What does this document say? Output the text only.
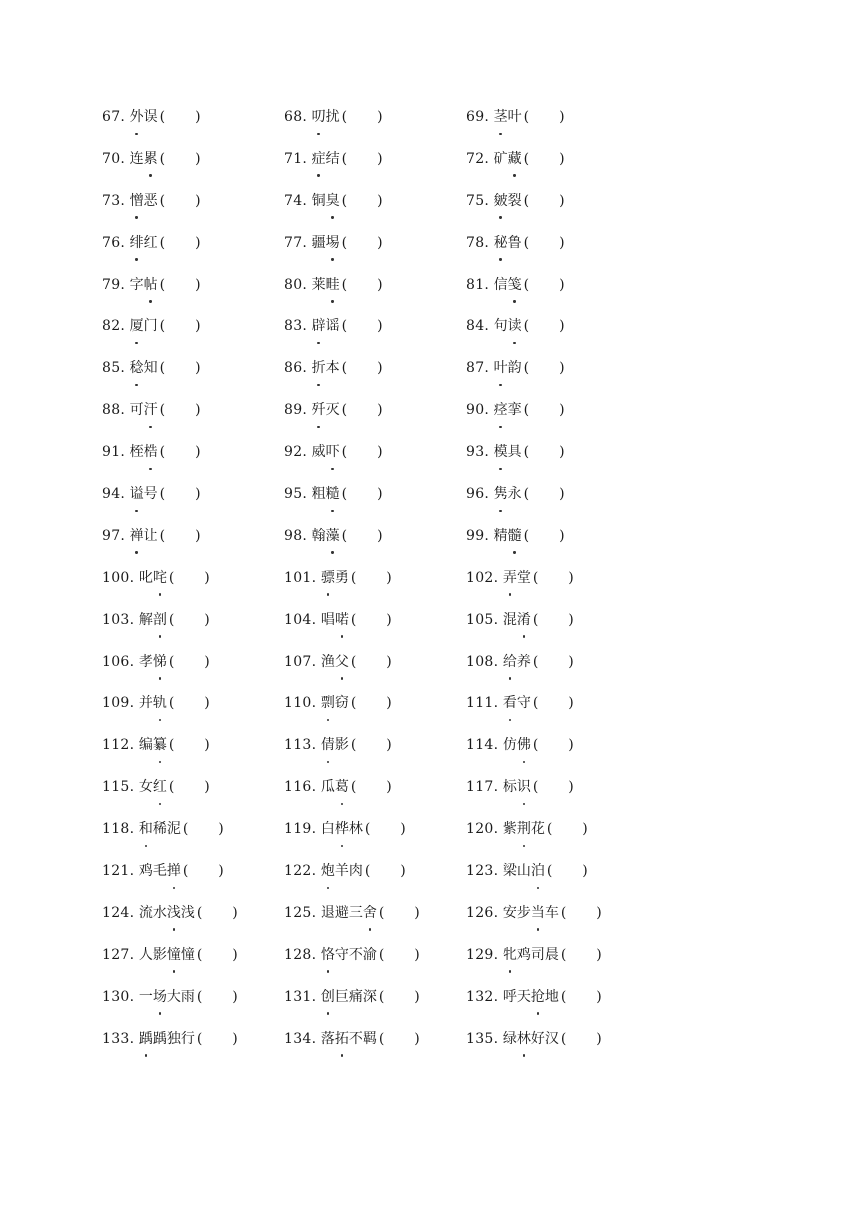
67. 外误 ( )	68. 叨扰 ( )	69. 茎叶 ( )
70. 连累 ( )	71. 症结 ( )	72. 矿藏 ( )
73. 憎恶 ( )	74. 铜臭 ( )	75. 皴裂 ( )
76. 绯红 ( )	77. 疆埸 ( )	78. 秘鲁 ( )
79. 字帖 ( )	80. 莱畦 ( )	81. 信笺 ( )
82. 厦门 ( )	83. 辟谣 ( )	84. 句读 ( )
85. 稔知 ( )	86. 折本 ( )	87. 叶韵 ( )
88. 可汗 ( )	89. 歼灭 ( )	90. 痉挛 ( )
91. 桎梏 ( )	92. 威吓 ( )	93. 模具 ( )
94. 谥号 ( )	95. 粗糙 ( )	96. 隽永 ( )
97. 禅让 ( )	98. 翰藻 ( )	99. 精髓 ( )
100. 叱咤 ( )	101. 骠勇 ( )	102. 弄堂 ( )
103. 解剖 ( )	104. 唱喏 ( )	105. 混淆 ( )
106. 孝悌 ( )	107. 渔父 ( )	108. 给养 ( )
109. 并轨 ( )	110. 剽窃 ( )	111. 看守 ( )
112. 编纂 ( )	113. 倩影 ( )	114. 仿佛 ( )
115. 女红 ( )	116. 瓜葛 ( )	117. 标识 ( )
118. 和稀泥 ( )	119. 白桦林 ( )	120. 紫荆花 ( )
121. 鸡毛掸 ( )	122. 炮羊肉 ( )	123. 梁山泊 ( )
124. 流水浅浅 ( )	125. 退避三舍 ( )	126. 安步当车 ( )
127. 人影憧憧 ( )	128. 恪守不渝 ( )	129. 牝鸡司晨 ( )
130. 一场大雨 ( )	131. 创巨痛深 ( )	132. 呼天抢地 ( )
133. 踽踽独行 ( )	134. 落拓不羁 ( )	135. 绿林好汉 ( )
